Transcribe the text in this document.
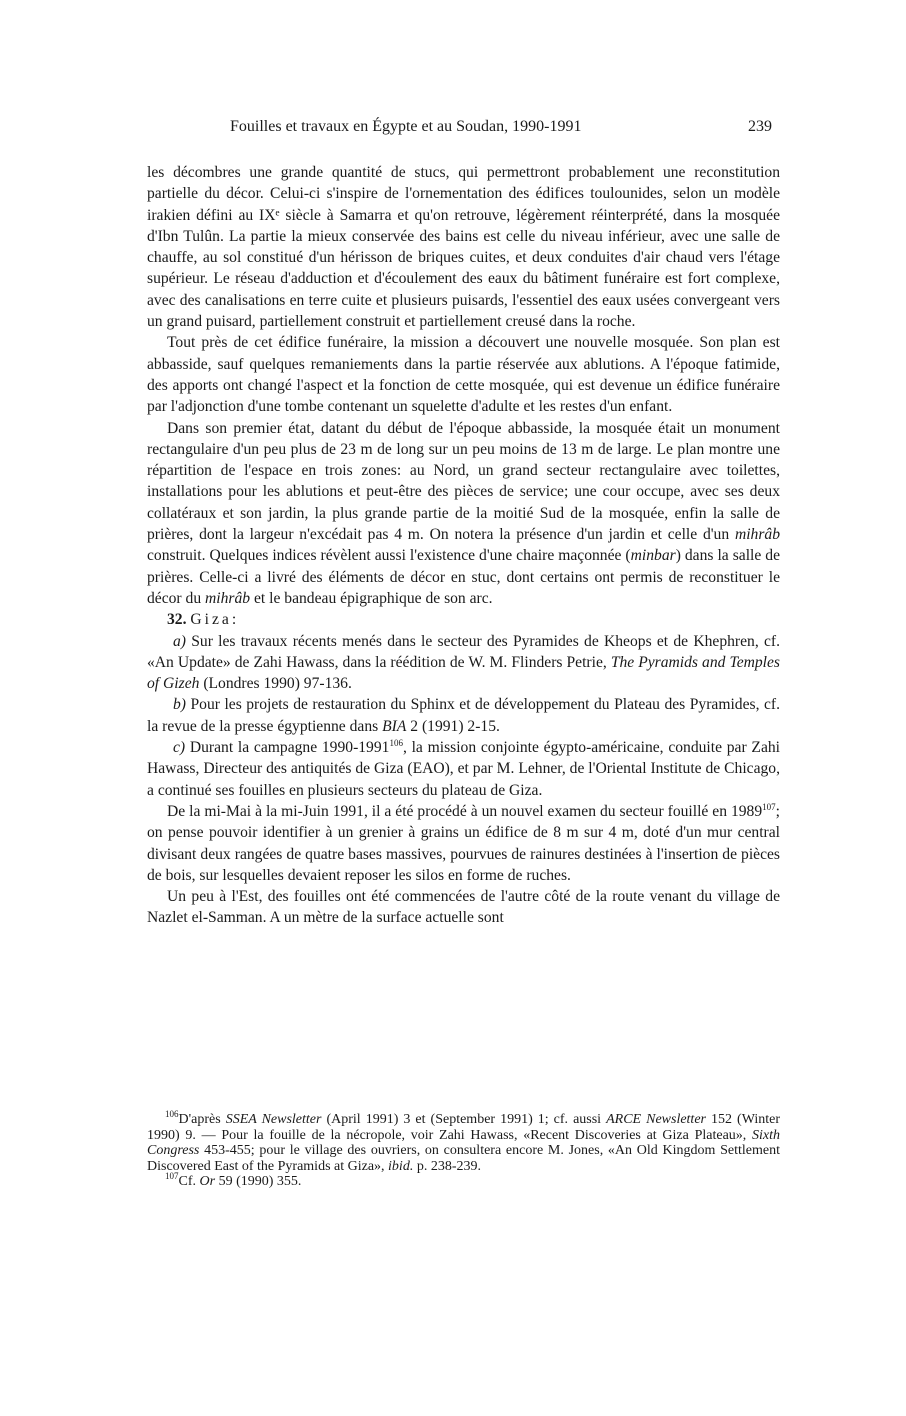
Fouilles et travaux en Égypte et au Soudan, 1990-1991	239

les décombres une grande quantité de stucs, qui permettront probablement une reconstitution partielle du décor. Celui-ci s'inspire de l'ornementation des édifices toulounides, selon un modèle irakien défini au IXᵉ siècle à Samarra et qu'on retrouve, légèrement réinterprété, dans la mosquée d'Ibn Tulûn. La partie la mieux conservée des bains est celle du niveau inférieur, avec une salle de chauffe, au sol constitué d'un hérisson de briques cuites, et deux conduites d'air chaud vers l'étage supérieur. Le réseau d'adduction et d'écoulement des eaux du bâtiment funéraire est fort complexe, avec des canalisations en terre cuite et plusieurs puisards, l'essentiel des eaux usées convergeant vers un grand puisard, partiellement construit et partiellement creusé dans la roche.

Tout près de cet édifice funéraire, la mission a découvert une nouvelle mosquée. Son plan est abbasside, sauf quelques remaniements dans la partie réservée aux ablutions. A l'époque fatimide, des apports ont changé l'aspect et la fonction de cette mosquée, qui est devenue un édifice funéraire par l'adjonction d'une tombe contenant un squelette d'adulte et les restes d'un enfant.

Dans son premier état, datant du début de l'époque abbasside, la mosquée était un monument rectangulaire d'un peu plus de 23 m de long sur un peu moins de 13 m de large. Le plan montre une répartition de l'espace en trois zones: au Nord, un grand secteur rectangulaire avec toilettes, installations pour les ablutions et peut-être des pièces de service; une cour occupe, avec ses deux collatéraux et son jardin, la plus grande partie de la moitié Sud de la mosquée, enfin la salle de prières, dont la largeur n'excédait pas 4 m. On notera la présence d'un jardin et celle d'un mihrâb construit. Quelques indices révèlent aussi l'existence d'une chaire maçonnée (minbar) dans la salle de prières. Celle-ci a livré des éléments de décor en stuc, dont certains ont permis de reconstituer le décor du mihrâb et le bandeau épigraphique de son arc.

32. Giza:

a) Sur les travaux récents menés dans le secteur des Pyramides de Kheops et de Khephren, cf. «An Update» de Zahi Hawass, dans la réédition de W. M. Flinders Petrie, The Pyramids and Temples of Gizeh (Londres 1990) 97-136.

b) Pour les projets de restauration du Sphinx et de développement du Plateau des Pyramides, cf. la revue de la presse égyptienne dans BIA 2 (1991) 2-15.

c) Durant la campagne 1990-1991$^{106}$, la mission conjointe égypto-américaine, conduite par Zahi Hawass, Directeur des antiquités de Giza (EAO), et par M. Lehner, de l'Oriental Institute de Chicago, a continué ses fouilles en plusieurs secteurs du plateau de Giza.

De la mi-Mai à la mi-Juin 1991, il a été procédé à un nouvel examen du secteur fouillé en 1989$^{107}$; on pense pouvoir identifier à un grenier à grains un édifice de 8 m sur 4 m, doté d'un mur central divisant deux rangées de quatre bases massives, pourvues de rainures destinées à l'insertion de pièces de bois, sur lesquelles devaient reposer les silos en forme de ruches.

Un peu à l'Est, des fouilles ont été commencées de l'autre côté de la route venant du village de Nazlet el-Samman. A un mètre de la surface actuelle sont

$^{106}$D'après SSEA Newsletter (April 1991) 3 et (September 1991) 1; cf. aussi ARCE Newsletter 152 (Winter 1990) 9. — Pour la fouille de la nécropole, voir Zahi Hawass, «Recent Discoveries at Giza Plateau», Sixth Congress 453-455; pour le village des ouvriers, on consultera encore M. Jones, «An Old Kingdom Settlement Discovered East of the Pyramids at Giza», ibid. p. 238-239.

$^{107}$Cf. Or 59 (1990) 355.
